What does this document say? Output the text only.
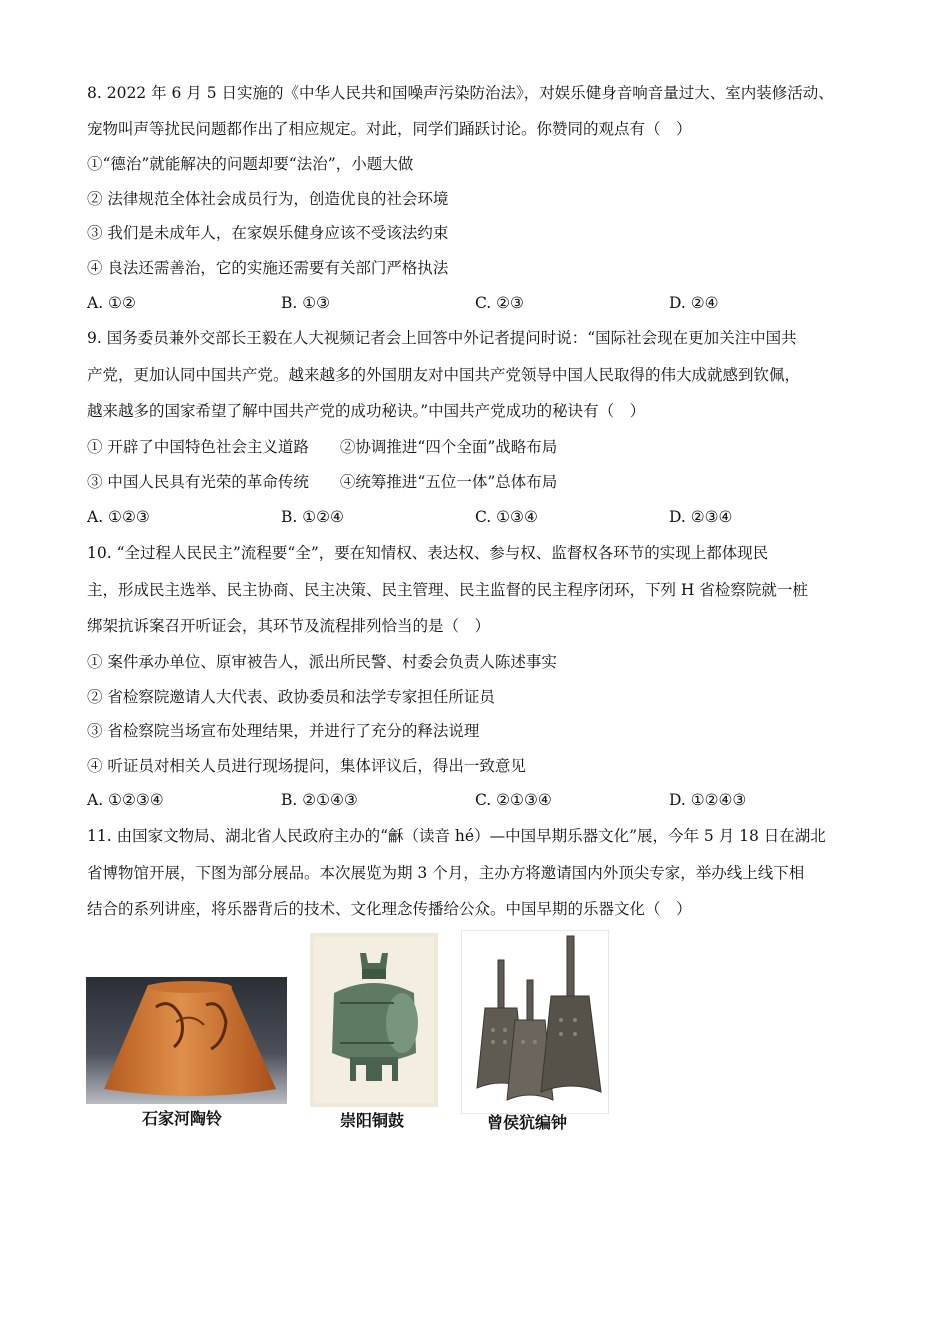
8. 2022 年 6 月 5 日实施的《中华人民共和国噪声污染防治法》，对娱乐健身音响音量过大、室内装修活动、
宠物叫声等扰民问题都作出了相应规定。对此，同学们踊跃讨论。你赞同的观点有（　）
①“德治”就能解决的问题却要“法治”，小题大做
② 法律规范全体社会成员行为，创造优良的社会环境
③ 我们是未成年人，在家娱乐健身应该不受该法约束
④ 良法还需善治，它的实施还需要有关部门严格执法
A. ①②	B. ①③	C. ②③	D. ②④
9. 国务委员兼外交部长王毅在人大视频记者会上回答中外记者提问时说：“国际社会现在更加关注中国共
产党，更加认同中国共产党。越来越多的外国朋友对中国共产党领导中国人民取得的伟大成就感到钦佩，
越来越多的国家希望了解中国共产党的成功秘诀。”中国共产党成功的秘诀有（　）
① 开辟了中国特色社会主义道路　　②协调推进“四个全面”战略布局
③ 中国人民具有光荣的革命传统　　④统筹推进“五位一体”总体布局
A. ①②③	B. ①②④	C. ①③④	D. ②③④
10. “全过程人民民主”流程要“全”，要在知情权、表达权、参与权、监督权各环节的实现上都体现民
主，形成民主选举、民主协商、民主决策、民主管理、民主监督的民主程序闭环，下列 H 省检察院就一桩
绑架抗诉案召开听证会，其环节及流程排列恰当的是（　）
① 案件承办单位、原审被告人，派出所民警、村委会负责人陈述事实
② 省检察院邀请人大代表、政协委员和法学专家担任所证员
③ 省检察院当场宣布处理结果，并进行了充分的释法说理
④ 听证员对相关人员进行现场提问，集体评议后，得出一致意见
A. ①②③④	B. ②①④③	C. ②①③④	D. ①②④③
11. 由国家文物局、湖北省人民政府主办的“龢（读音 hé）—中国早期乐器文化”展，今年 5 月 18 日在湖北
省博物馆开展，下图为部分展品。本次展览为期 3 个月，主办方将邀请国内外顶尖专家，举办线上线下相
结合的系列讲座，将乐器背后的技术、文化理念传播给公众。中国早期的乐器文化（　）
石家河陶铃	崇阳铜鼓	曾侯犺编钟
